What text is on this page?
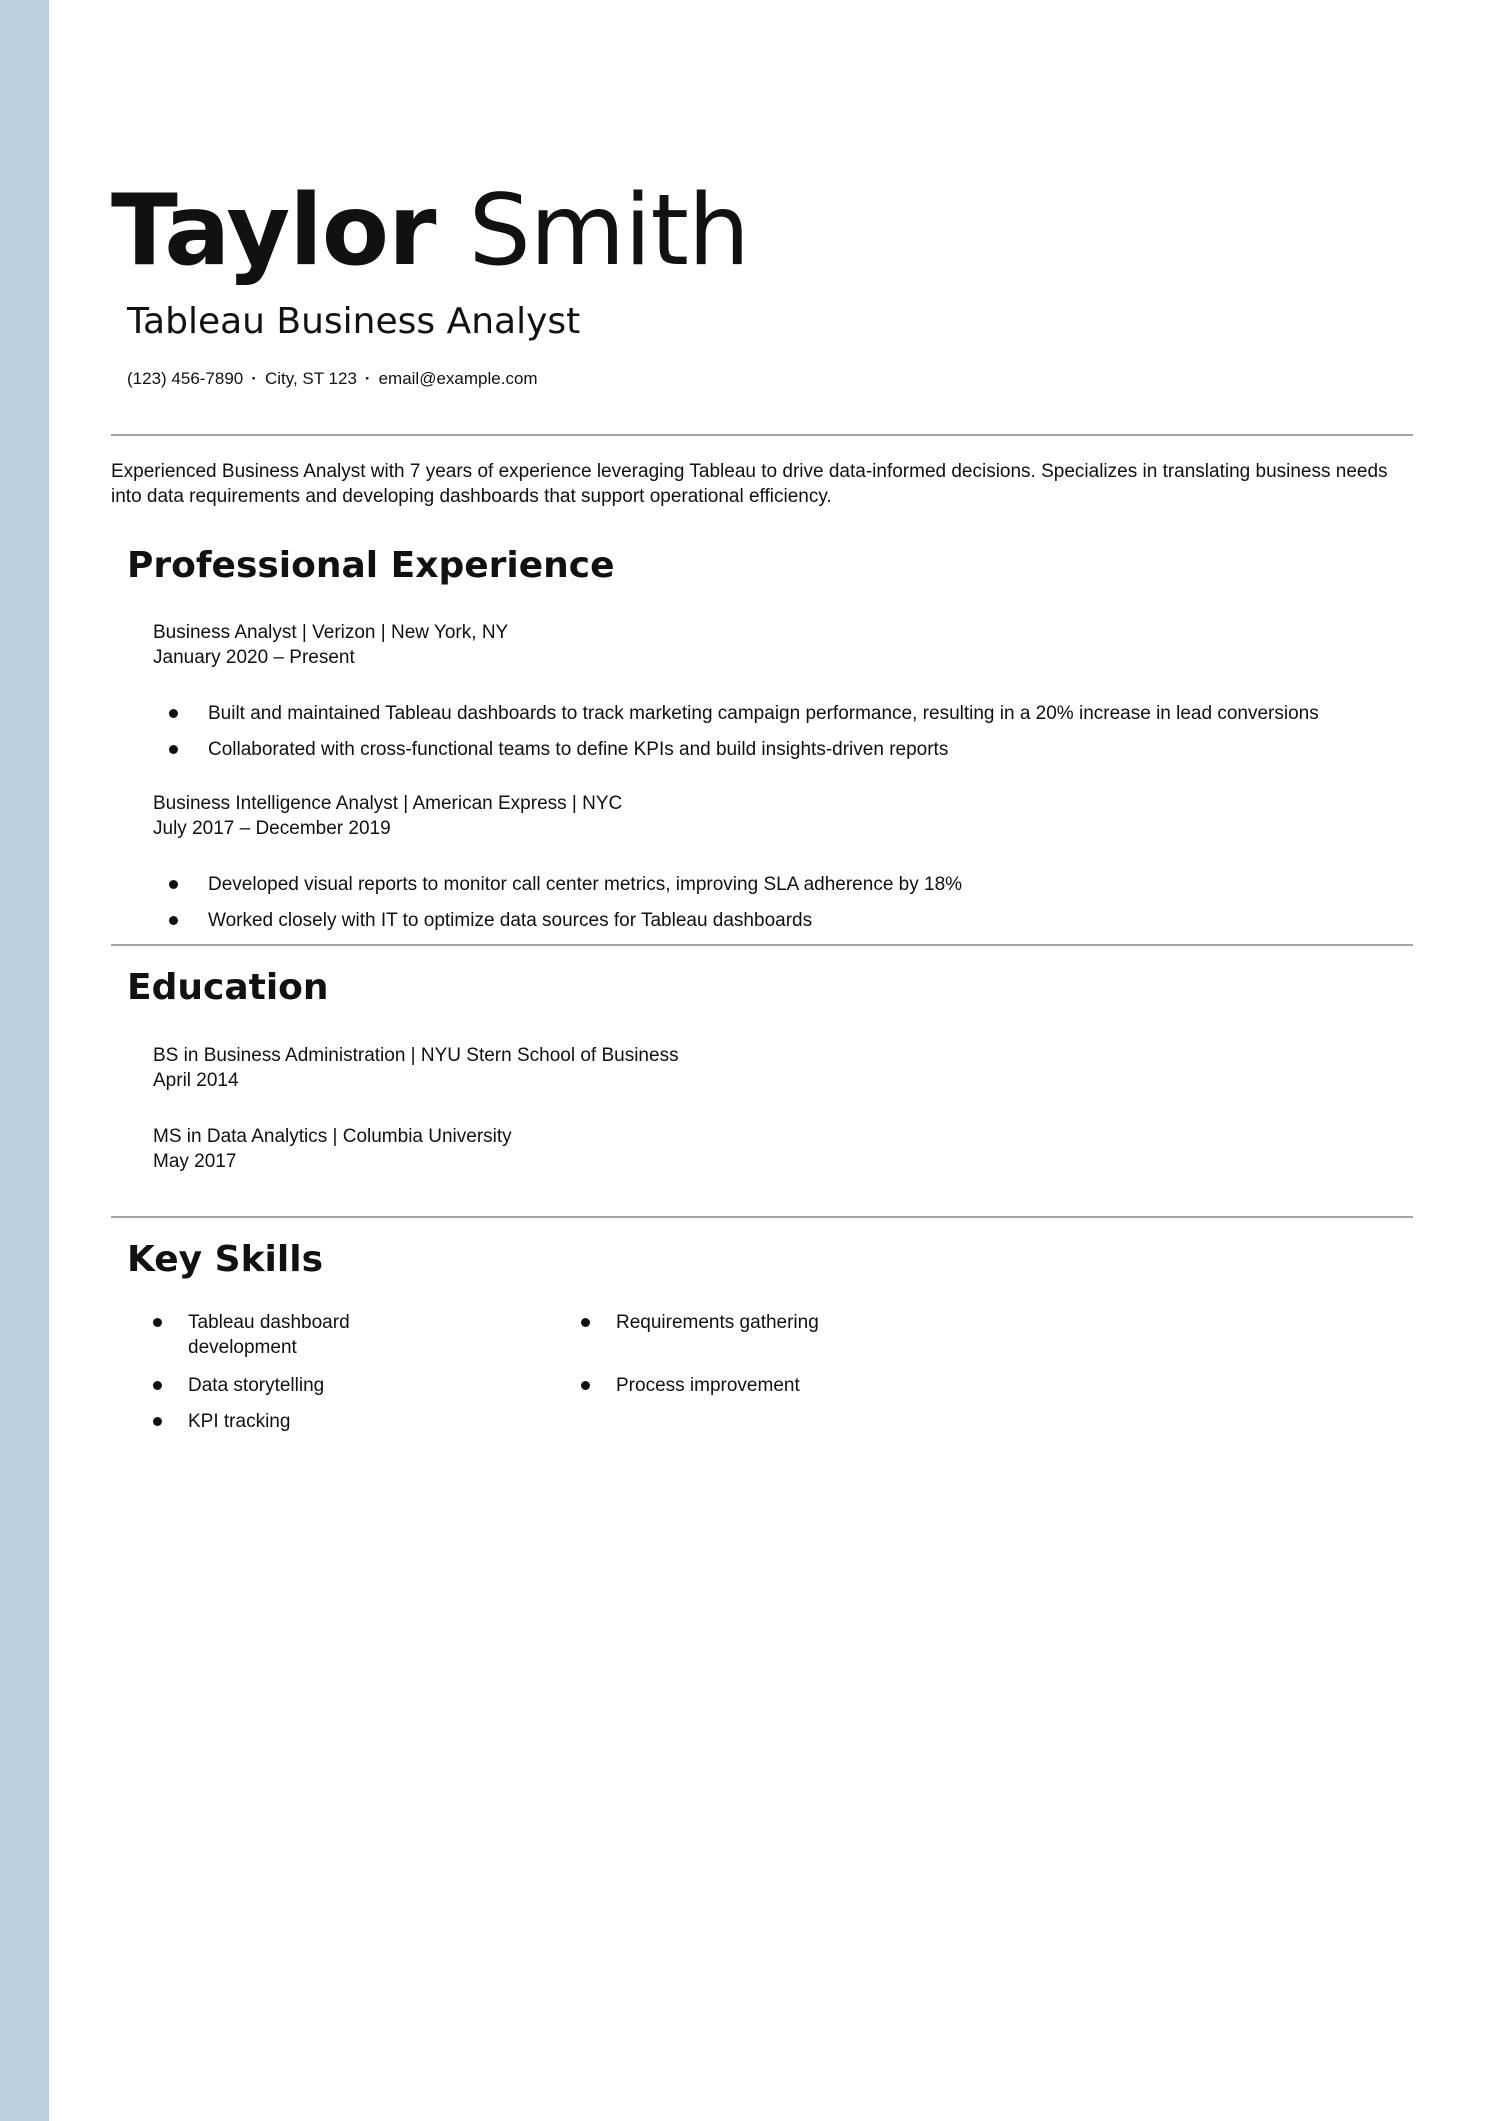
Taylor Smith
Tableau Business Analyst
(123) 456-7890 · City, ST 123 · email@example.com

Experienced Business Analyst with 7 years of experience leveraging Tableau to drive data-informed decisions. Specializes in translating business needs into data requirements and developing dashboards that support operational efficiency.

Professional Experience
Business Analyst | Verizon | New York, NY
January 2020 – Present
Built and maintained Tableau dashboards to track marketing campaign performance, resulting in a 20% increase in lead conversions
Collaborated with cross-functional teams to define KPIs and build insights-driven reports
Business Intelligence Analyst | American Express | NYC
July 2017 – December 2019
Developed visual reports to monitor call center metrics, improving SLA adherence by 18%
Worked closely with IT to optimize data sources for Tableau dashboards
Education
BS in Business Administration | NYU Stern School of Business
April 2014
MS in Data Analytics | Columbia University
May 2017
Key Skills
Tableau dashboard development
Requirements gathering
Data storytelling	Process improvement
KPI tracking
